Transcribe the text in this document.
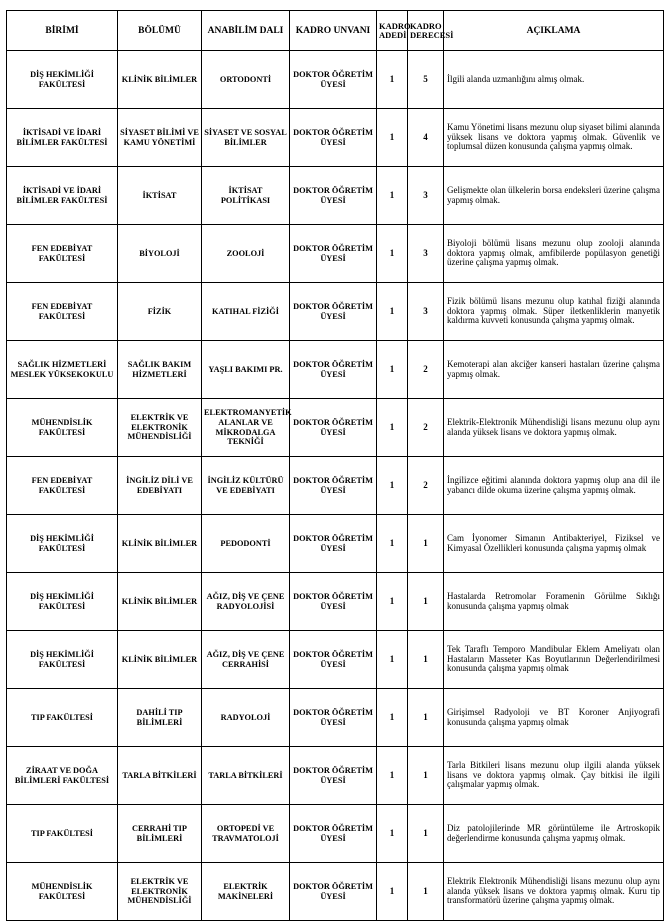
BİRİMİ	BÖLÜMÜ	ANABİLİM DALI	KADRO UNVANI	KADRO ADEDİ	KADRO DERECESİ	AÇIKLAMA
DİŞ HEKİMLİĞİ FAKÜLTESİ	KLİNİK BİLİMLER	ORTODONTİ	DOKTOR ÖĞRETİM ÜYESİ	1	5	İlgili alanda uzmanlığını almış olmak.
İKTİSADİ VE İDARİ BİLİMLER FAKÜLTESİ	SİYASET BİLİMİ VE KAMU YÖNETİMİ	SİYASET VE SOSYAL BİLİMLER	DOKTOR ÖĞRETİM ÜYESİ	1	4	Kamu Yönetimi lisans mezunu olup siyaset bilimi alanında yüksek lisans ve doktora yapmış olmak. Güvenlik ve toplumsal düzen konusunda çalışma yapmış olmak.
İKTİSADİ VE İDARİ BİLİMLER FAKÜLTESİ	İKTİSAT	İKTİSAT POLİTİKASI	DOKTOR ÖĞRETİM ÜYESİ	1	3	Gelişmekte olan ülkelerin borsa endeksleri üzerine çalışma yapmış olmak.
FEN EDEBİYAT FAKÜLTESİ	BİYOLOJİ	ZOOLOJİ	DOKTOR ÖĞRETİM ÜYESİ	1	3	Biyoloji bölümü lisans mezunu olup zooloji alanında doktora yapmış olmak, amfibilerde popülasyon genetiği üzerine çalışma yapmış olmak.
FEN EDEBİYAT FAKÜLTESİ	FİZİK	KATIHAL FİZİĞİ	DOKTOR ÖĞRETİM ÜYESİ	1	3	Fizik bölümü lisans mezunu olup katıhal fiziği alanında doktora yapmış olmak. Süper iletkenliklerin manyetik kaldırma kuvveti konusunda çalışma yapmış olmak.
SAĞLIK HİZMETLERİ MESLEK YÜKSEKOKULU	SAĞLIK BAKIM HİZMETLERİ	YAŞLI BAKIMI PR.	DOKTOR ÖĞRETİM ÜYESİ	1	2	Kemoterapi alan akciğer kanseri hastaları üzerine çalışma yapmış olmak.
MÜHENDİSLİK FAKÜLTESİ	ELEKTRİK VE ELEKTRONİK MÜHENDİSLİĞİ	ELEKTROMANYETİK ALANLAR VE MİKRODALGA TEKNİĞİ	DOKTOR ÖĞRETİM ÜYESİ	1	2	Elektrik-Elektronik Mühendisliği lisans mezunu olup aynı alanda yüksek lisans ve doktora yapmış olmak.
FEN EDEBİYAT FAKÜLTESİ	İNGİLİZ DİLİ VE EDEBİYATI	İNGİLİZ KÜLTÜRÜ VE EDEBİYATI	DOKTOR ÖĞRETİM ÜYESİ	1	2	İngilizce eğitimi alanında doktora yapmış olup ana dil ile yabancı dilde okuma üzerine çalışma yapmış olmak.
DİŞ HEKİMLİĞİ FAKÜLTESİ	KLİNİK BİLİMLER	PEDODONTİ	DOKTOR ÖĞRETİM ÜYESİ	1	1	Cam İyonomer Simanın Antibakteriyel, Fiziksel ve Kimyasal Özellikleri konusunda çalışma yapmış olmak
DİŞ HEKİMLİĞİ FAKÜLTESİ	KLİNİK BİLİMLER	AĞIZ, DİŞ VE ÇENE RADYOLOJİSİ	DOKTOR ÖĞRETİM ÜYESİ	1	1	Hastalarda Retromolar Foramenin Görülme Sıklığı konusunda çalışma yapmış olmak
DİŞ HEKİMLİĞİ FAKÜLTESİ	KLİNİK BİLİMLER	AĞIZ, DİŞ VE ÇENE CERRAHİSİ	DOKTOR ÖĞRETİM ÜYESİ	1	1	Tek Taraflı Temporo Mandibular Eklem Ameliyatı olan Hastaların Masseter Kas Boyutlarının Değerlendirilmesi konusunda çalışma yapmış olmak
TIP FAKÜLTESİ	DAHİLİ TIP BİLİMLERİ	RADYOLOJİ	DOKTOR ÖĞRETİM ÜYESİ	1	1	Girişimsel Radyoloji ve BT Koroner Anjiyografi konusunda çalışma yapmış olmak
ZİRAAT VE DOĞA BİLİMLERİ FAKÜLTESİ	TARLA BİTKİLERİ	TARLA BİTKİLERİ	DOKTOR ÖĞRETİM ÜYESİ	1	1	Tarla Bitkileri lisans mezunu olup ilgili alanda yüksek lisans ve doktora yapmış olmak. Çay bitkisi ile ilgili çalışmalar yapmış olmak.
TIP FAKÜLTESİ	CERRAHİ TIP BİLİMLERİ	ORTOPEDİ VE TRAVMATOLOJİ	DOKTOR ÖĞRETİM ÜYESİ	1	1	Diz patolojilerinde MR görüntüleme ile Artroskopik değerlendirme konusunda çalışma yapmış olmak.
MÜHENDİSLİK FAKÜLTESİ	ELEKTRİK VE ELEKTRONİK MÜHENDİSLİĞİ	ELEKTRİK MAKİNELERİ	DOKTOR ÖĞRETİM ÜYESİ	1	1	Elektrik Elektronik Mühendisliği lisans mezunu olup aynı alanda yüksek lisans ve doktora yapmış olmak. Kuru tip transformatörü üzerine çalışma yapmış olmak.
